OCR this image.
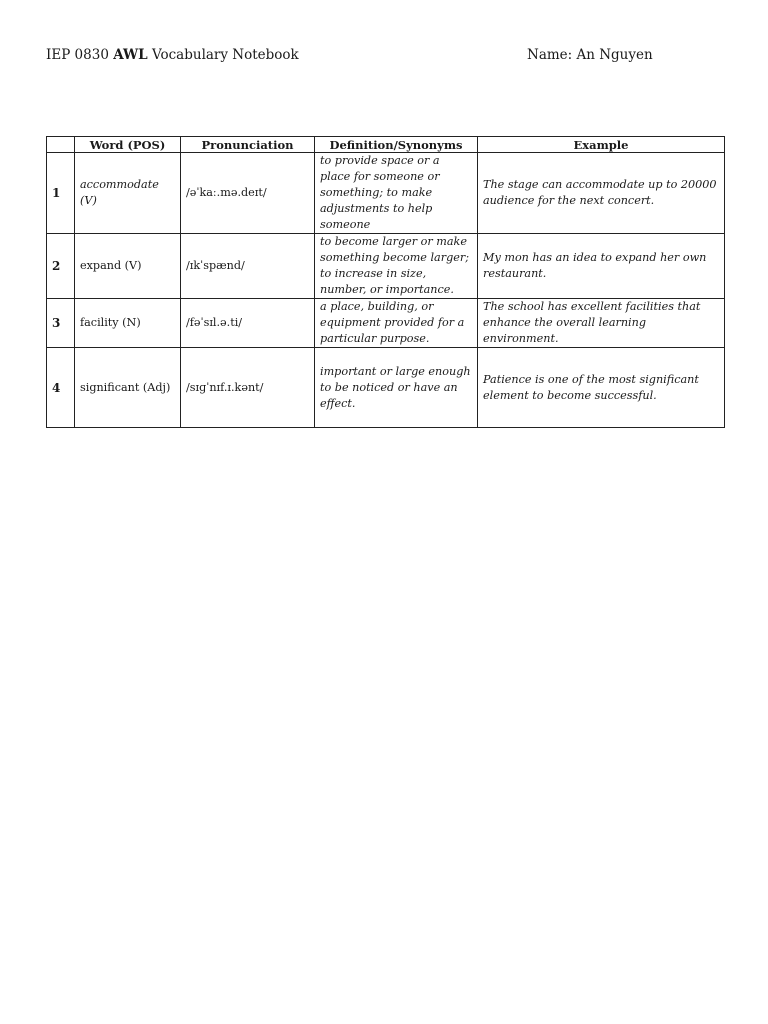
IEP 0830 AWL Vocabulary Notebook	Name: An Nguyen
	Word (POS)	Pronunciation	Definition/Synonyms	Example
1	accommodate (V)	/əˈkaː.mə.deɪt/	to provide space or a place for someone or something; to make adjustments to help someone	The stage can accommodate up to 20000 audience for the next concert.
2	expand (V)	/ɪkˈspænd/	to become larger or make something become larger; to increase in size, number, or importance.	My mon has an idea to expand her own restaurant.
3	facility (N)	/fəˈsɪl.ə.ti/	a place, building, or equipment provided for a particular purpose.	The school has excellent facilities that enhance the overall learning environment.
4	significant (Adj)	/sɪɡˈnɪf.ɪ.kənt/	important or large enough to be noticed or have an effect.	Patience is one of the most significant element to become successful.
